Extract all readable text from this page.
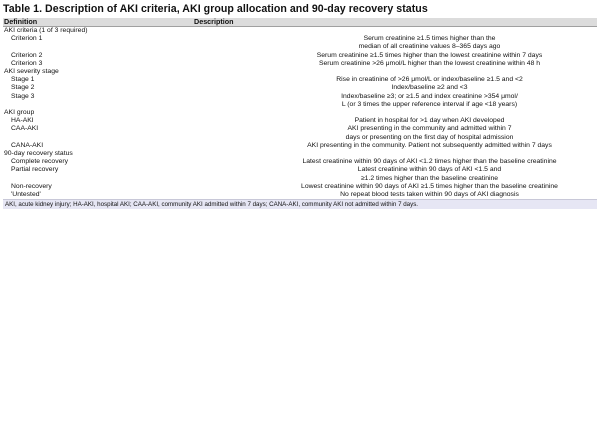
Table 1. Description of AKI criteria, AKI group allocation and 90-day recovery status
Definition	Description
AKI criteria (1 of 3 required)	
Criterion 1	Serum creatinine ≥1.5 times higher than the
median of all creatinine values 8–365 days ago

Criterion 2	Serum creatinine ≥1.5 times higher than the lowest creatinine within 7 days

Criterion 3	Serum creatinine >26 μmol/L higher than the lowest creatinine within 48 h

AKI severity stage	
Stage 1	Rise in creatinine of >26 μmol/L or index/baseline ≥1.5 and <2

Stage 2	Index/baseline ≥2 and <3

Stage 3	Index/baseline ≥3; or ≥1.5 and index creatinine >354 μmol/
L (or 3 times the upper reference interval if age <18 years)

AKI group	
HA-AKI	Patient in hospital for >1 day when AKI developed

CAA-AKI	AKI presenting in the community and admitted within 7
days or presenting on the first day of hospital admission

CANA-AKI	AKI presenting in the community. Patient not subsequently admitted within 7 days

90-day recovery status	
Complete recovery	Latest creatinine within 90 days of AKI <1.2 times higher than the baseline creatinine

Partial recovery	Latest creatinine within 90 days of AKI <1.5 and
≥1.2 times higher than the baseline creatinine

Non-recovery	Lowest creatinine within 90 days of AKI ≥1.5 times higher than the baseline creatinine

'Untested'	No repeat blood tests taken within 90 days of AKI diagnosis

AKI, acute kidney injury; HA-AKI, hospital AKI; CAA-AKI, community AKI admitted within 7 days; CANA-AKI, community AKI not admitted within 7 days.	
